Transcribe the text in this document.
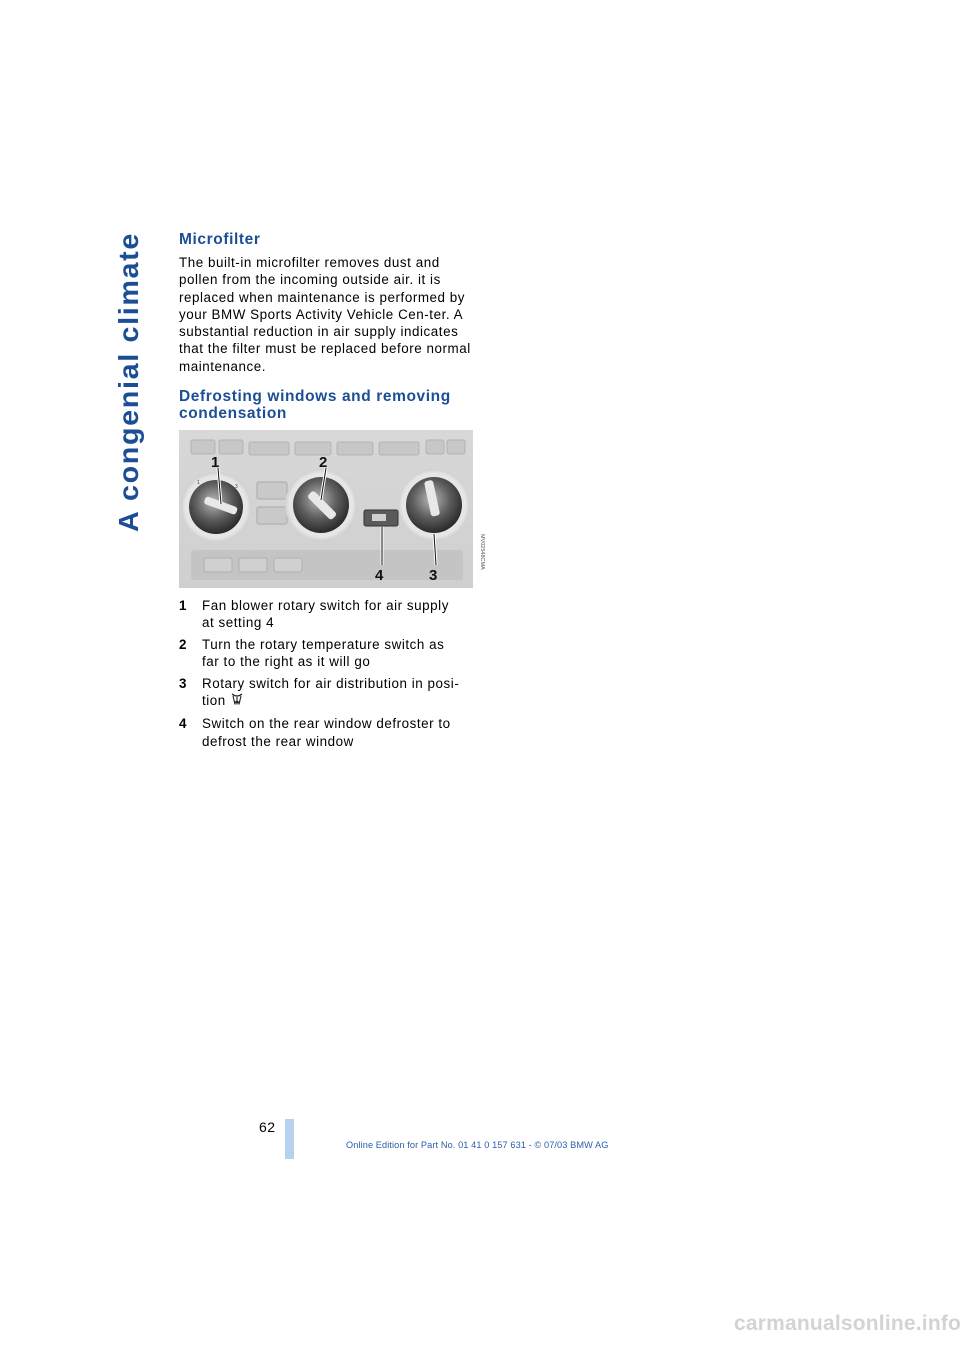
A congenial climate
Microfilter

The built-in microfilter removes dust and pollen from the incoming outside air. it is replaced when maintenance is performed by your BMW Sports Activity Vehicle Cen-ter. A substantial reduction in air supply indicates that the filter must be replaced before normal maintenance.

Defrosting windows and removing
condensation
0
1
3
4
1	2
4	3
MV02548CMA
1	Fan blower rotary switch for air supply
at setting 4
2	Turn the rotary temperature switch as
far to the right as it will go
3	Rotary switch for air distribution in posi-
tion
4	Switch on the rear window defroster to
defrost the rear window
62
Online Edition for Part No. 01 41 0 157 631 - © 07/03 BMW AG
carmanualsonline.info
